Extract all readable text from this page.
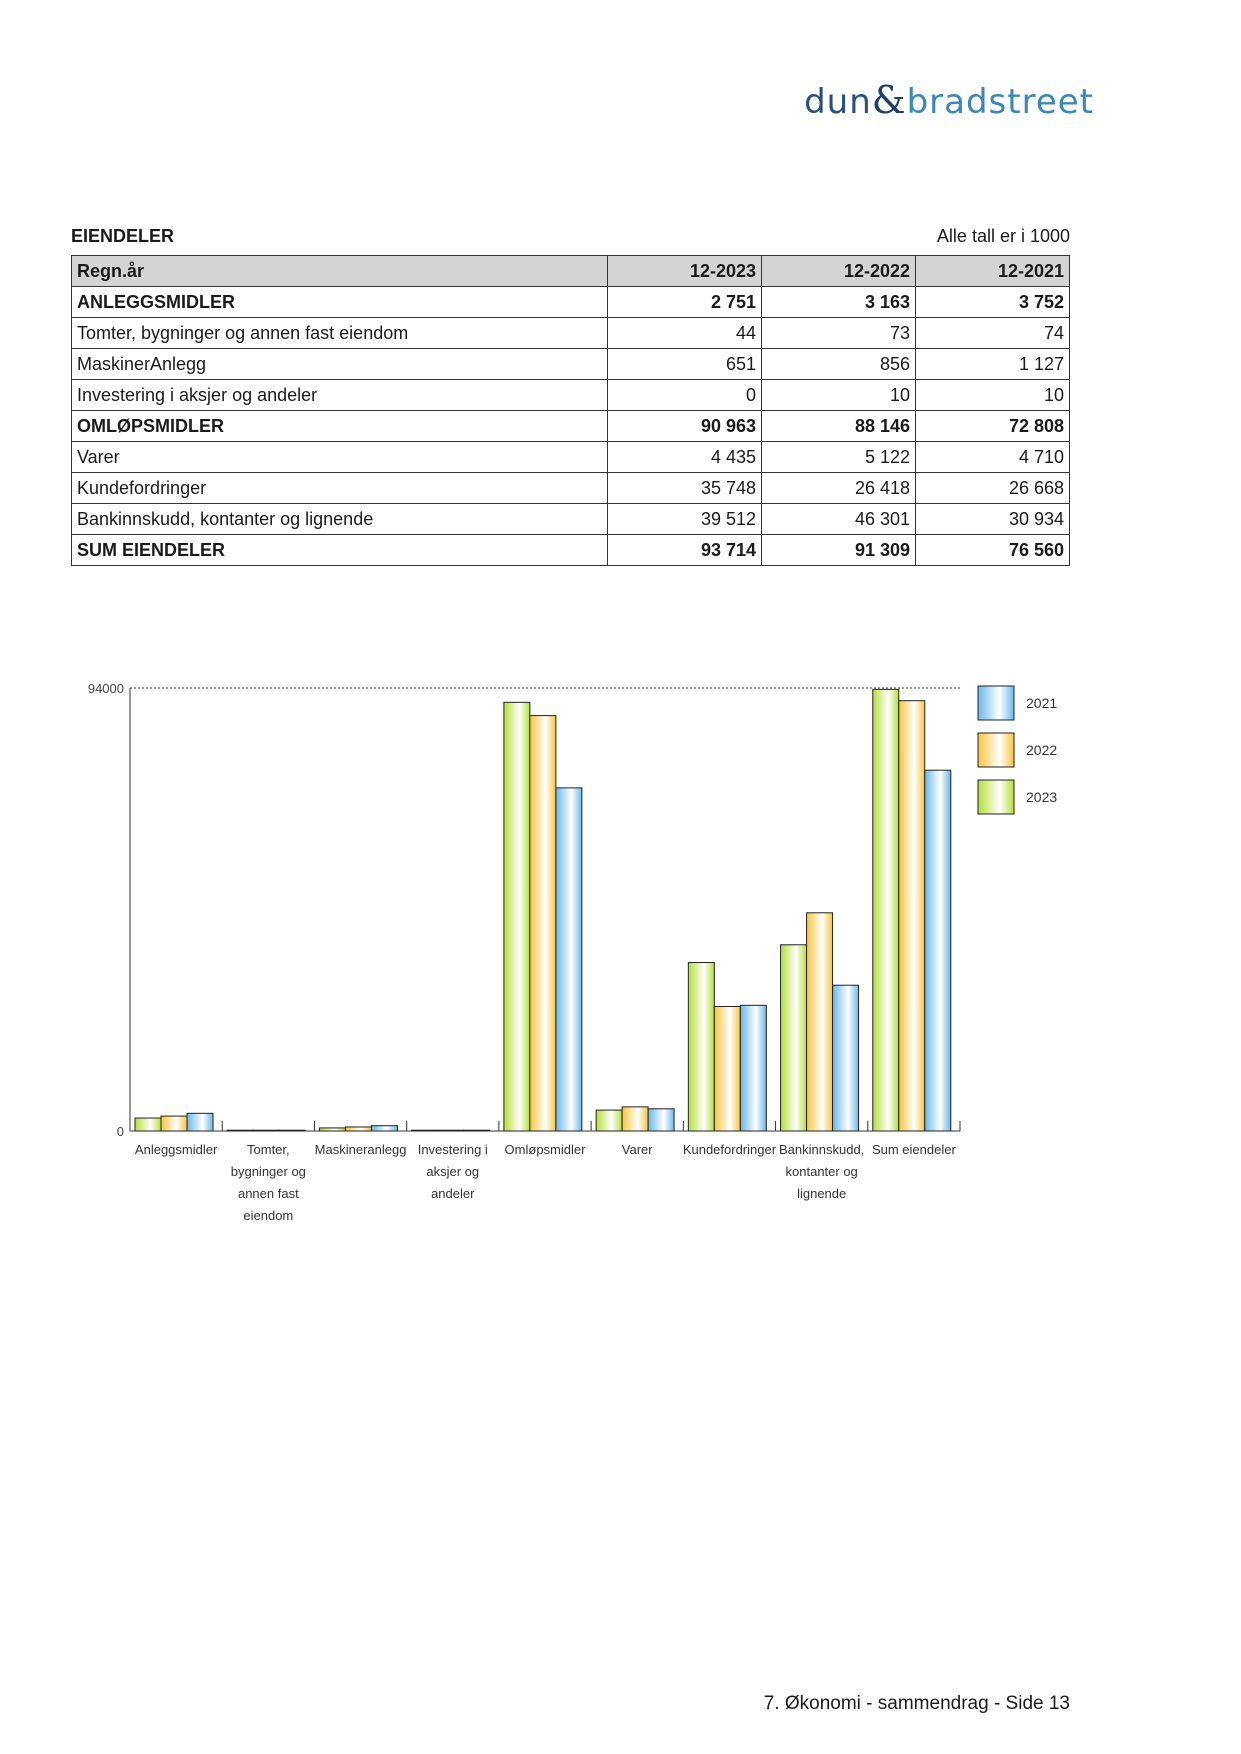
dun&bradstreet
EIENDELER	Alle tall er i 1000
Regn.år	12-2023	12-2022	12-2021
ANLEGGSMIDLER	2 751	3 163	3 752
Tomter, bygninger og annen fast eiendom	44	73	74
MaskinerAnlegg	651	856	1 127
Investering i aksjer og andeler	0	10	10
OMLØPSMIDLER	90 963	88 146	72 808
Varer	4 435	5 122	4 710
Kundefordringer	35 748	26 418	26 668
Bankinnskudd, kontanter og lignende	39 512	46 301	30 934
SUM EIENDELER	93 714	91 309	76 560
0
94000
Anleggsmidler Tomter,
bygninger og
annen fast
eiendom
Maskineranlegg Investering i
aksjer og
andeler
Omløpsmidler	Varer Kundefordringer Bankinnskudd,
kontanter og
lignende
Sum eiendeler
2021
2022
2023
7. Økonomi - sammendrag - Side 13
